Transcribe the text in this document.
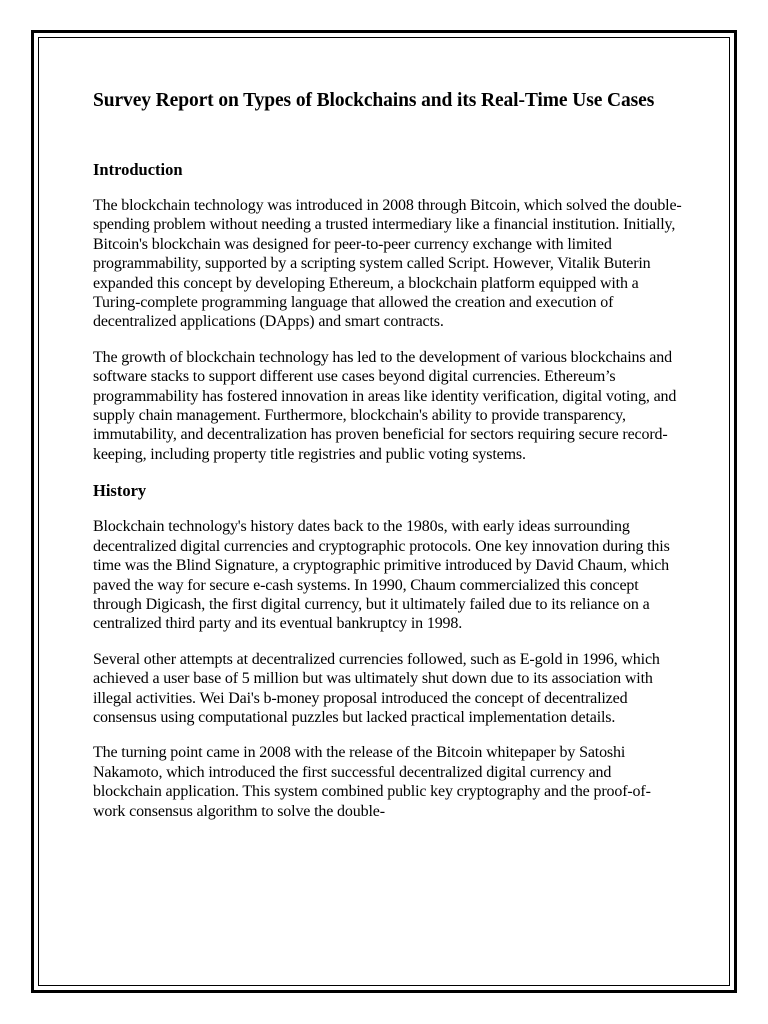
Survey Report on Types of Blockchains and its Real-Time Use Cases
Introduction

The blockchain technology was introduced in 2008 through Bitcoin, which solved the double-spending problem without needing a trusted intermediary like a financial institution. Initially, Bitcoin's blockchain was designed for peer-to-peer currency exchange with limited programmability, supported by a scripting system called Script. However, Vitalik Buterin expanded this concept by developing Ethereum, a blockchain platform equipped with a Turing-complete programming language that allowed the creation and execution of decentralized applications (DApps) and smart contracts.

The growth of blockchain technology has led to the development of various blockchains and software stacks to support different use cases beyond digital currencies. Ethereum’s programmability has fostered innovation in areas like identity verification, digital voting, and supply chain management. Furthermore, blockchain's ability to provide transparency, immutability, and decentralization has proven beneficial for sectors requiring secure record-keeping, including property title registries and public voting systems.

History

Blockchain technology's history dates back to the 1980s, with early ideas surrounding decentralized digital currencies and cryptographic protocols. One key innovation during this time was the Blind Signature, a cryptographic primitive introduced by David Chaum, which paved the way for secure e-cash systems. In 1990, Chaum commercialized this concept through Digicash, the first digital currency, but it ultimately failed due to its reliance on a centralized third party and its eventual bankruptcy in 1998.

Several other attempts at decentralized currencies followed, such as E-gold in 1996, which achieved a user base of 5 million but was ultimately shut down due to its association with illegal activities. Wei Dai's b-money proposal introduced the concept of decentralized consensus using computational puzzles but lacked practical implementation details.

The turning point came in 2008 with the release of the Bitcoin whitepaper by Satoshi Nakamoto, which introduced the first successful decentralized digital currency and blockchain application. This system combined public key cryptography and the proof-of-work consensus algorithm to solve the double-
